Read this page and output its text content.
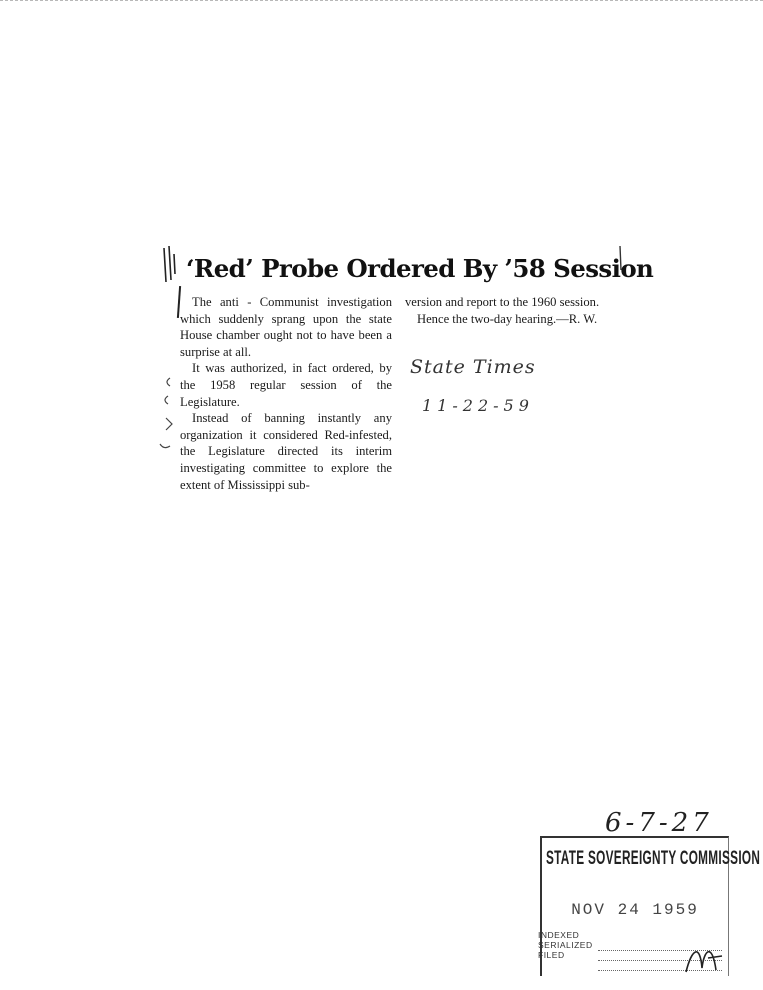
‘Red’ Probe Ordered By ’58 Session

The anti - Communist investigation which suddenly sprang upon the state House chamber ought not to have been a surprise at all.

It was authorized, in fact ordered, by the 1958 regular session of the Legislature.

Instead of banning instantly any organization it considered Red-infested, the Legislature directed its interim investigating committee to explore the extent of Mississippi sub-

version and report to the 1960 session.

Hence the two-day hearing.—R. W.

State Times
11-22-59
6-7-27
STATE SOVEREIGNTY COMMISSION
NOV 24 1959
INDEXED
SERIALIZED
FILED
